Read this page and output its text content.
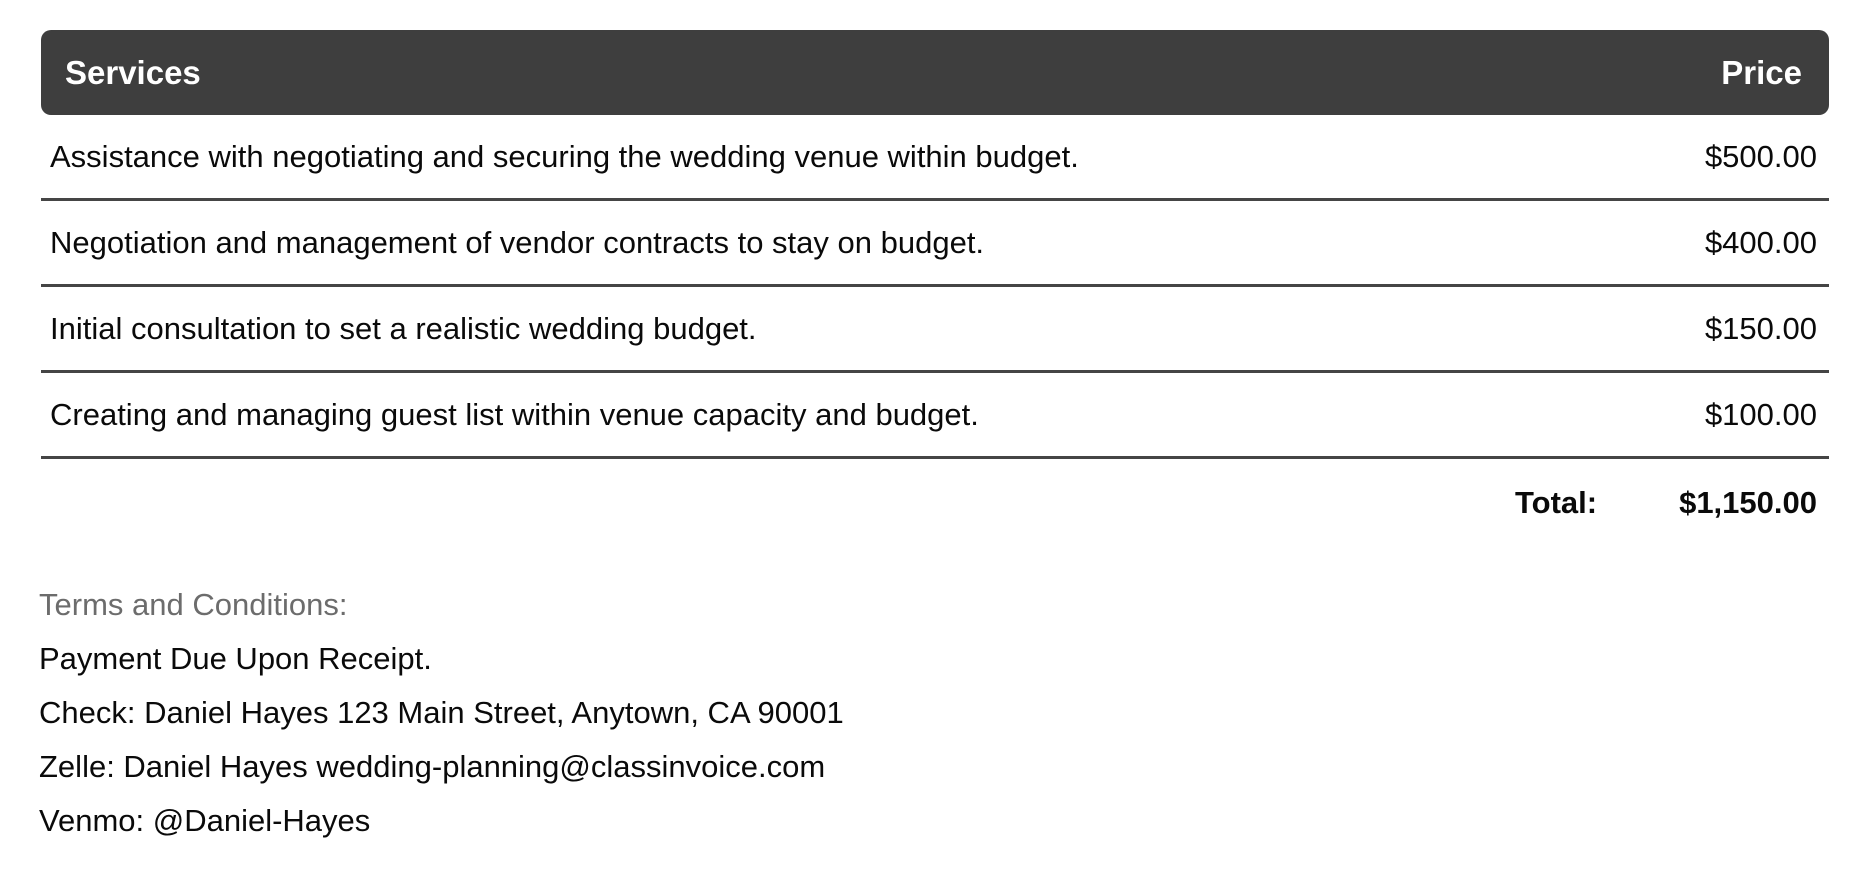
Services	Price
Assistance with negotiating and securing the wedding venue within budget.	$500.00
Negotiation and management of vendor contracts to stay on budget.	$400.00
Initial consultation to set a realistic wedding budget.	$150.00
Creating and managing guest list within venue capacity and budget.	$100.00
Total:	$1,150.00
Terms and Conditions:
Payment Due Upon Receipt.
Check: Daniel Hayes 123 Main Street, Anytown, CA 90001
Zelle: Daniel Hayes wedding-planning@classinvoice.com
Venmo: @Daniel-Hayes
